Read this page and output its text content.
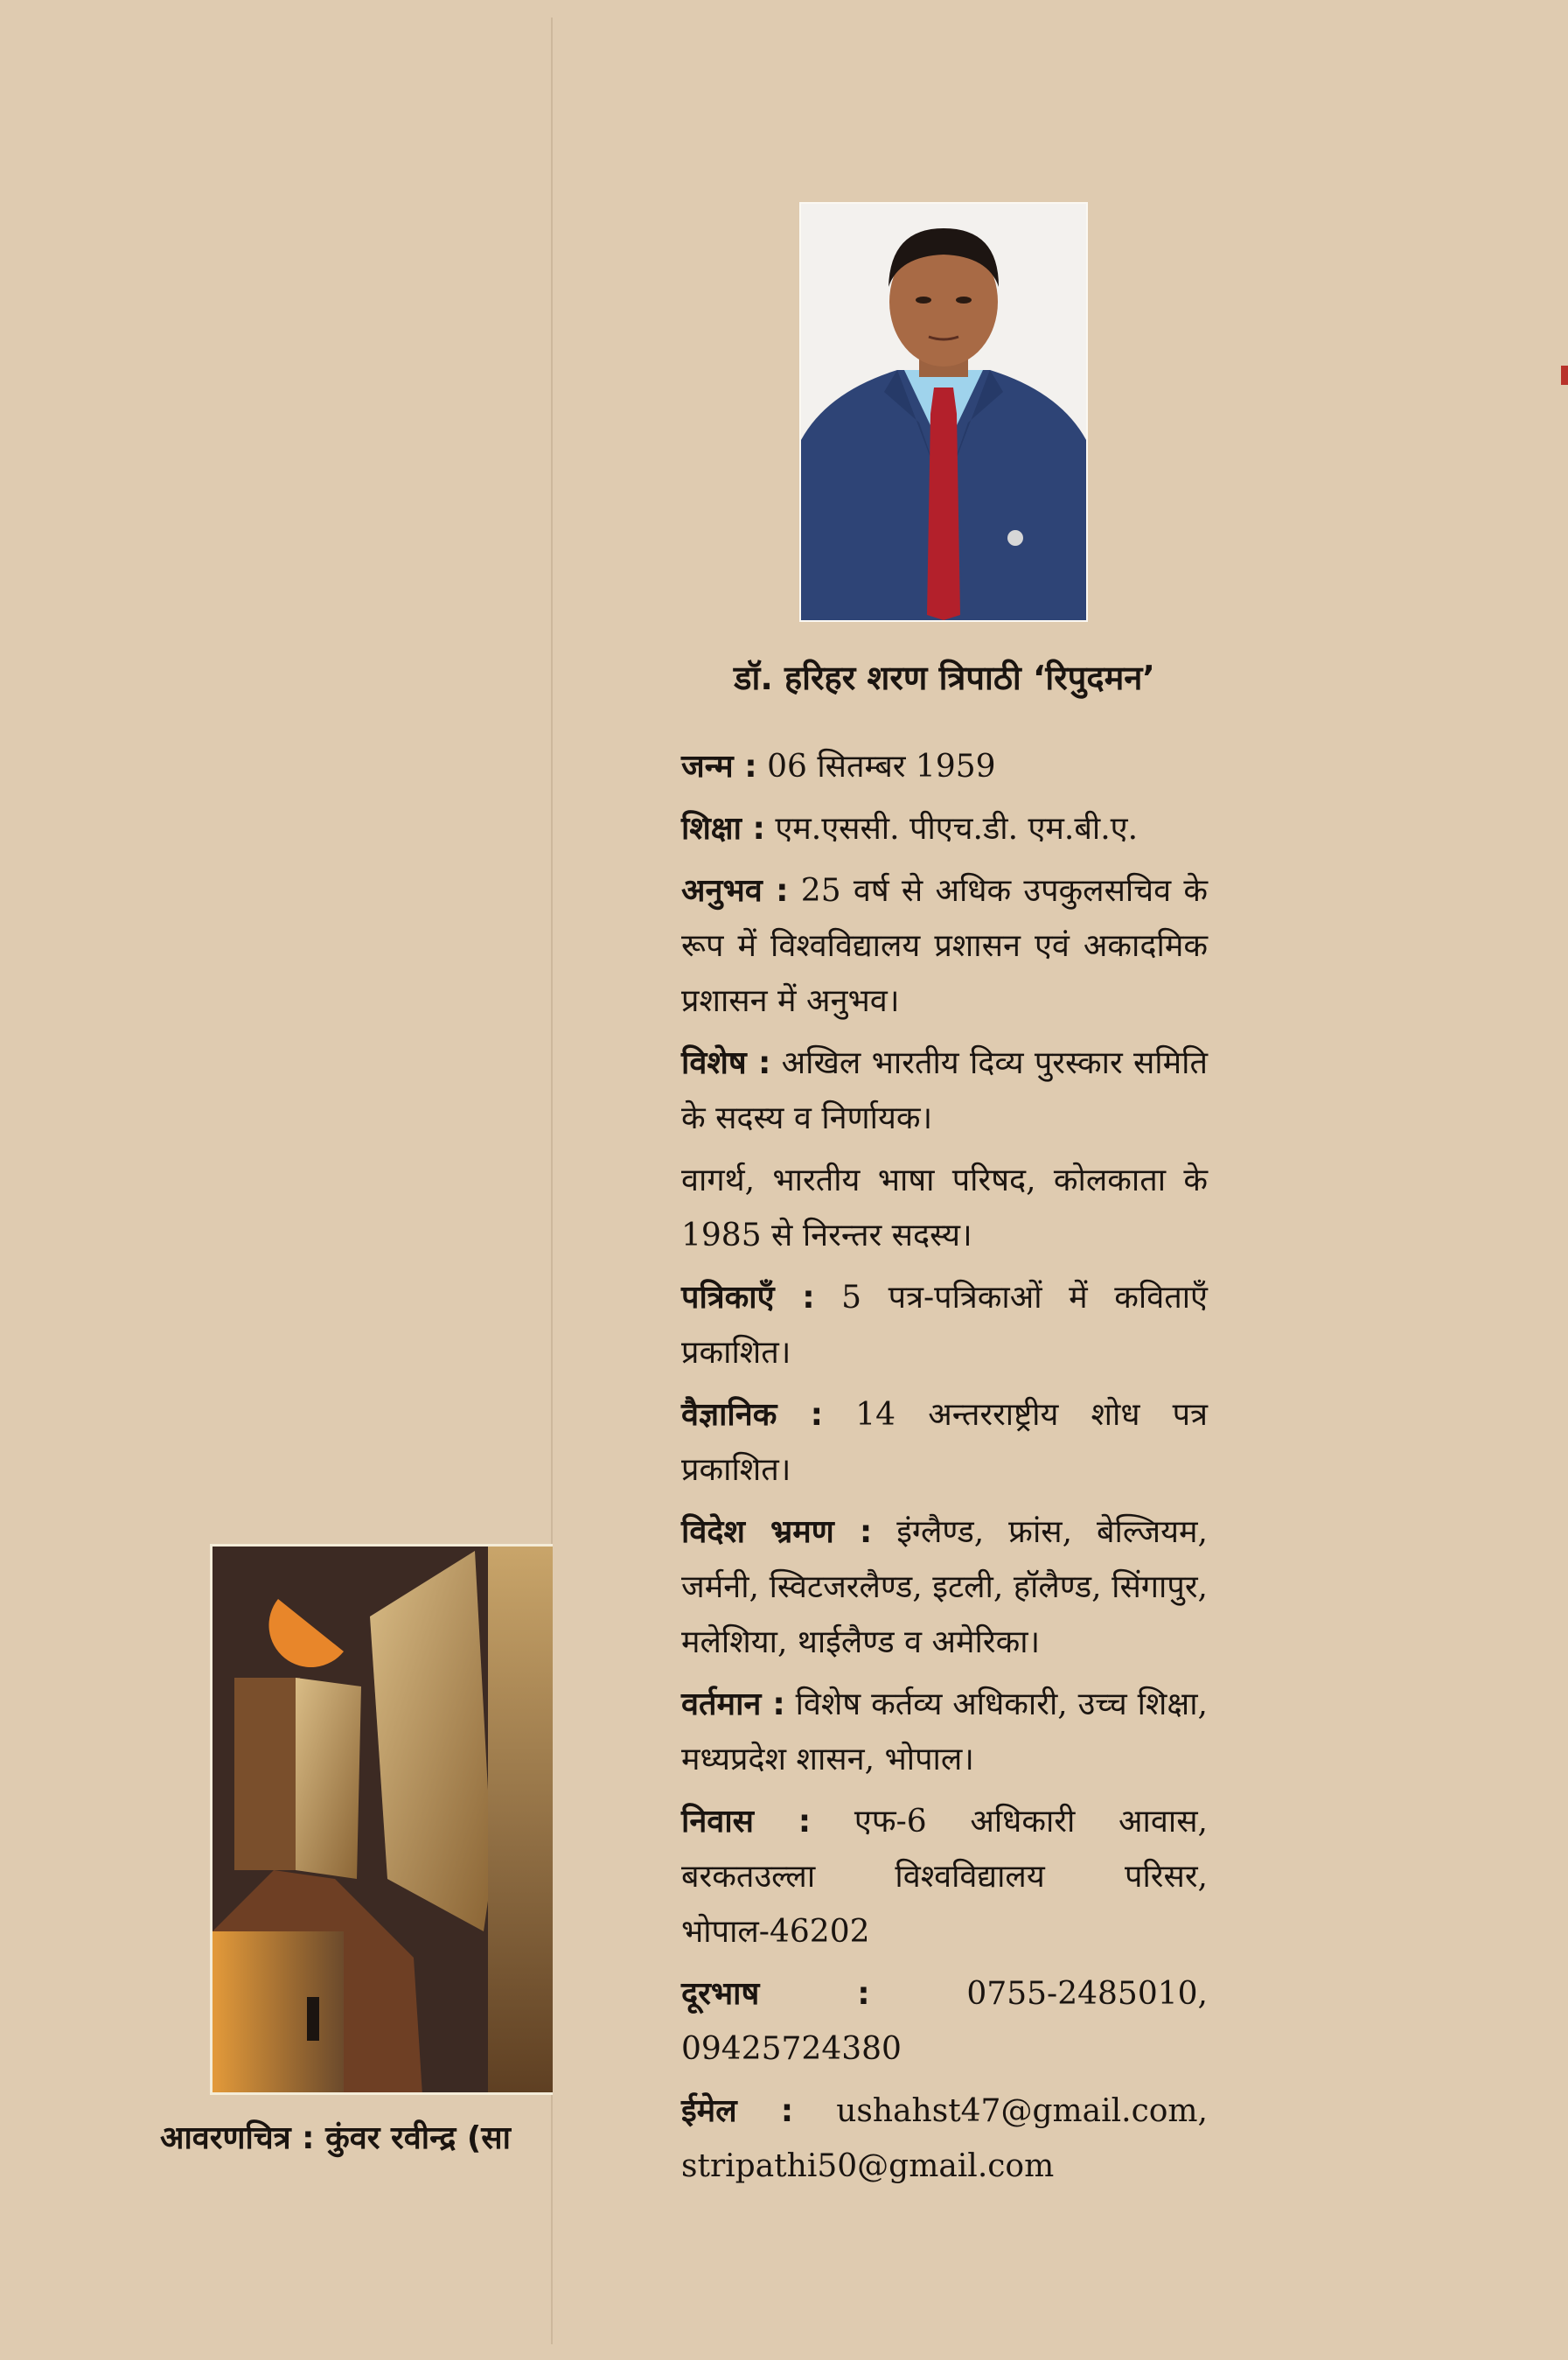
डॉ. हरिहर शरण त्रिपाठी ‘रिपुदमन’

जन्म : 06 सितम्बर 1959

शिक्षा : एम.एससी. पीएच.डी. एम.बी.ए.

अनुभव : 25 वर्ष से अधिक उपकुलसचिव के रूप में विश्वविद्यालय प्रशासन एवं अकादमिक प्रशासन में अनुभव।

विशेष : अखिल भारतीय दिव्य पुरस्कार समिति के सदस्य व निर्णायक।

वागर्थ, भारतीय भाषा परिषद, कोलकाता के 1985 से निरन्तर सदस्य।

पत्रिकाएँ : 5 पत्र-पत्रिकाओं में कविताएँ प्रकाशित।

वैज्ञानिक : 14 अन्तरराष्ट्रीय शोध पत्र प्रकाशित।

विदेश भ्रमण : इंग्लैण्ड, फ्रांस, बेल्जियम, जर्मनी, स्विटजरलैण्ड, इटली, हॉलैण्ड, सिंगापुर, मलेशिया, थाईलैण्ड व अमेरिका।

वर्तमान : विशेष कर्तव्य अधिकारी, उच्च शिक्षा, मध्यप्रदेश शासन, भोपाल।

निवास : एफ-6 अधिकारी आवास, बरकतउल्ला विश्वविद्यालय परिसर, भोपाल-46202

दूरभाष :	0755-2485010, 09425724380

ईमेल : ushahst47@gmail.com, stripathi50@gmail.com

आवरणचित्र : कुंवर रवीन्द्र (सा
